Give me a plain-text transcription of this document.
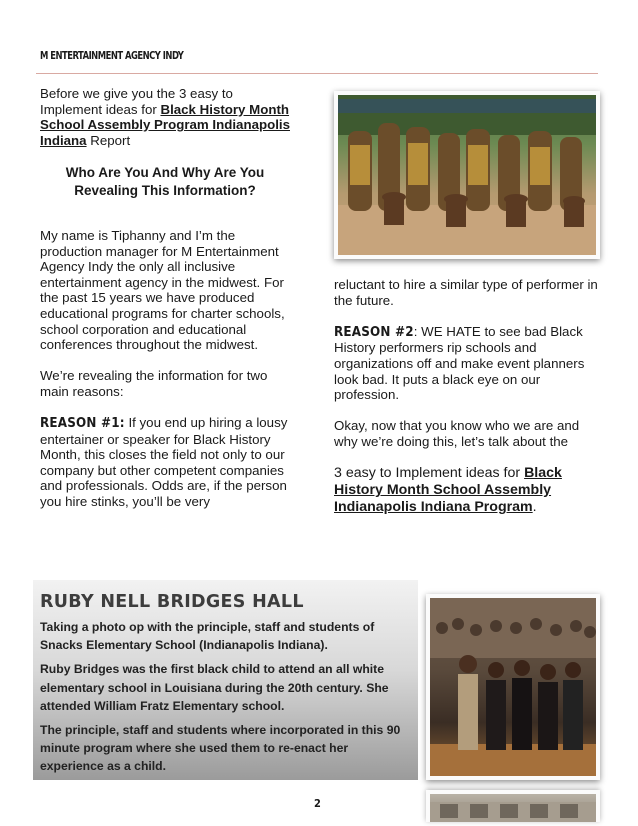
M ENTERTAINMENT AGENCY INDY

Before we give you the 3 easy to Implement ideas for Black History Month School Assembly Program Indianapolis Indiana Report

Who Are You And Why Are You Revealing This Information?

My name is Tiphanny and I’m the production manager for M Entertainment Agency Indy the only all inclusive entertainment agency in the midwest. For the past 15 years we have produced educational programs for charter schools, school corporation and educational conferences throughout the midwest.

We’re revealing the information for two main reasons:

REASON #1: If you end up hiring a lousy entertainer or speaker for Black History Month, this closes the field not only to our company but other competent companies and professionals. Odds are, if the person you hire stinks, you’ll be very

reluctant to hire a similar type of performer in the future.

REASON #2: WE HATE to see bad Black History performers rip schools and organizations off and make event planners look bad. It puts a black eye on our profession.

Okay, now that you know who we are and why we’re doing this, let’s talk about the

3 easy to Implement ideas for Black History Month School Assembly Indianapolis Indiana Program.

RUBY NELL BRIDGES HALL

Taking a photo op with the principle, staff and students of Snacks Elementary School (Indianapolis Indiana).

Ruby Bridges was the first black child to attend an all white elementary school in Louisiana during the 20th century. She attended William Fratz Elementary school.

The principle, staff and students where incorporated in this 90 minute program where she used them to re-enact her experience as a child.

2
